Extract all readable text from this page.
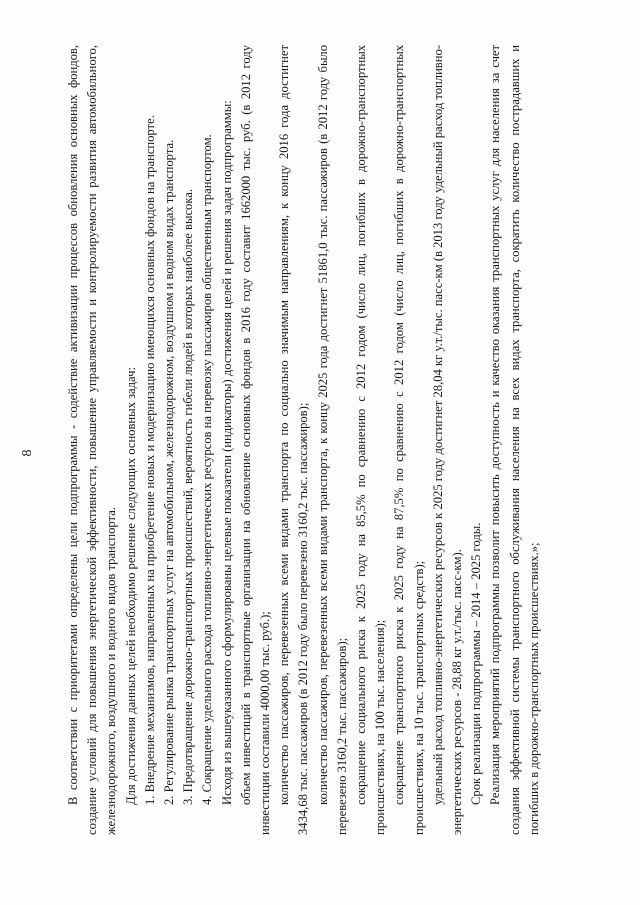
8 В соответствии с приоритетами определены цели подпрограммы - содействие активизации процессов обновления основных фондов, создание условий для повышения энергетической эффективности, повышение управляемости и контролируемости развития автомобильного, железнодорожного, воздушного и водного видов транспорта. Для достижения данных целей необходимо решение следующих основных задач: 1. Внедрение механизмов, направленных на приобретение новых и модернизацию имеющихся основных фондов на транспорте. 2. Регулирование рынка транспортных услуг на автомобильном, железнодорожном, воздушном и водном видах транспорта. 3. Предотвращение дорожно-транспортных происшествий, вероятность гибели людей в которых наиболее высока. 4. Сокращение удельного расхода топливно-энергетических ресурсов на перевозку пассажиров общественным транспортом. Исходя из вышеуказанного сформулированы целевые показатели (индикаторы) достижения целей и решения задач подпрограммы: объем инвестиций в транспортные организации на обновление основных фондов в 2016 году составит 1662000 тыс. руб. (в 2012 году инвестиции составили 4000,00 тыс. руб.); количество пассажиров, перевезенных всеми видами транспорта по социально значимым направлениям, к концу 2016 года достигнет 3434,68 тыс. пассажиров (в 2012 году было перевезено 3160,2 тыс. пассажиров); количество пассажиров, перевезенных всеми видами транспорта, к концу 2025 года достигнет 51861,0 тыс. пассажиров (в 2012 году было перевезено 3160,2 тыс. пассажиров); сокращение социального риска к 2025 году на 85,5% по сравнению с 2012 годом (число лиц, погибших в дорожно-транспортных происшествиях, на 100 тыс. населения); сокращение транспортного риска к 2025 году на 87,5% по сравнению с 2012 годом (число лиц, погибших в дорожно-транспортных происшествиях, на 10 тыс. транспортных средств); удельный расход топливно-энергетических ресурсов к 2025 году достигнет 28,04 кг у.т./тыс. пасс-км (в 2013 году удельный расход топливно-энергетических ресурсов - 28,88 кг у.т./тыс. пасс-км). Срок реализации подпрограммы – 2014 – 2025 годы. Реализация мероприятий подпрограммы позволит повысить доступность и качество оказания транспортных услуг для населения за счет создания эффективной системы транспортного обслуживания населения на всех видах транспорта, сократить количество пострадавших и погибших в дорожно-транспортных происшествиях.»;
